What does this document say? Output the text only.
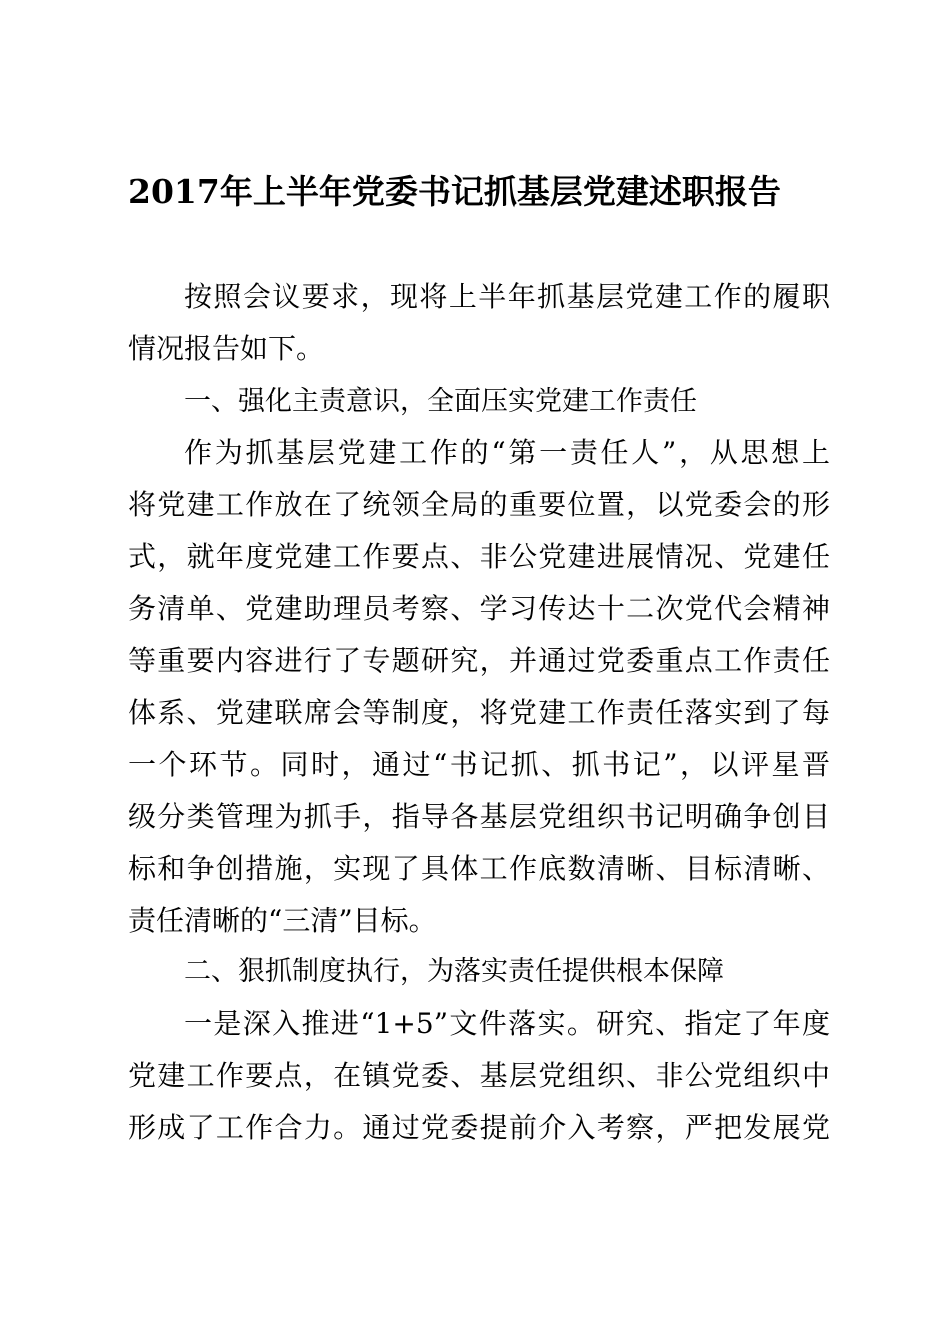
2017年上半年党委书记抓基层党建述职报告
按照会议要求，现将上半年抓基层党建工作的履职
情况报告如下。
一、强化主责意识，全面压实党建工作责任
作为抓基层党建工作的“第一责任人”，从思想上
将党建工作放在了统领全局的重要位置，以党委会的形
式，就年度党建工作要点、非公党建进展情况、党建任
务清单、党建助理员考察、学习传达十二次党代会精神
等重要内容进行了专题研究，并通过党委重点工作责任
体系、党建联席会等制度，将党建工作责任落实到了每
一个环节。同时，通过“书记抓、抓书记”，以评星晋
级分类管理为抓手，指导各基层党组织书记明确争创目
标和争创措施，实现了具体工作底数清晰、目标清晰、
责任清晰的“三清”目标。
二、狠抓制度执行，为落实责任提供根本保障
一是深入推进“1+5”文件落实。研究、指定了年度
党建工作要点，在镇党委、基层党组织、非公党组织中
形成了工作合力。通过党委提前介入考察，严把发展党
